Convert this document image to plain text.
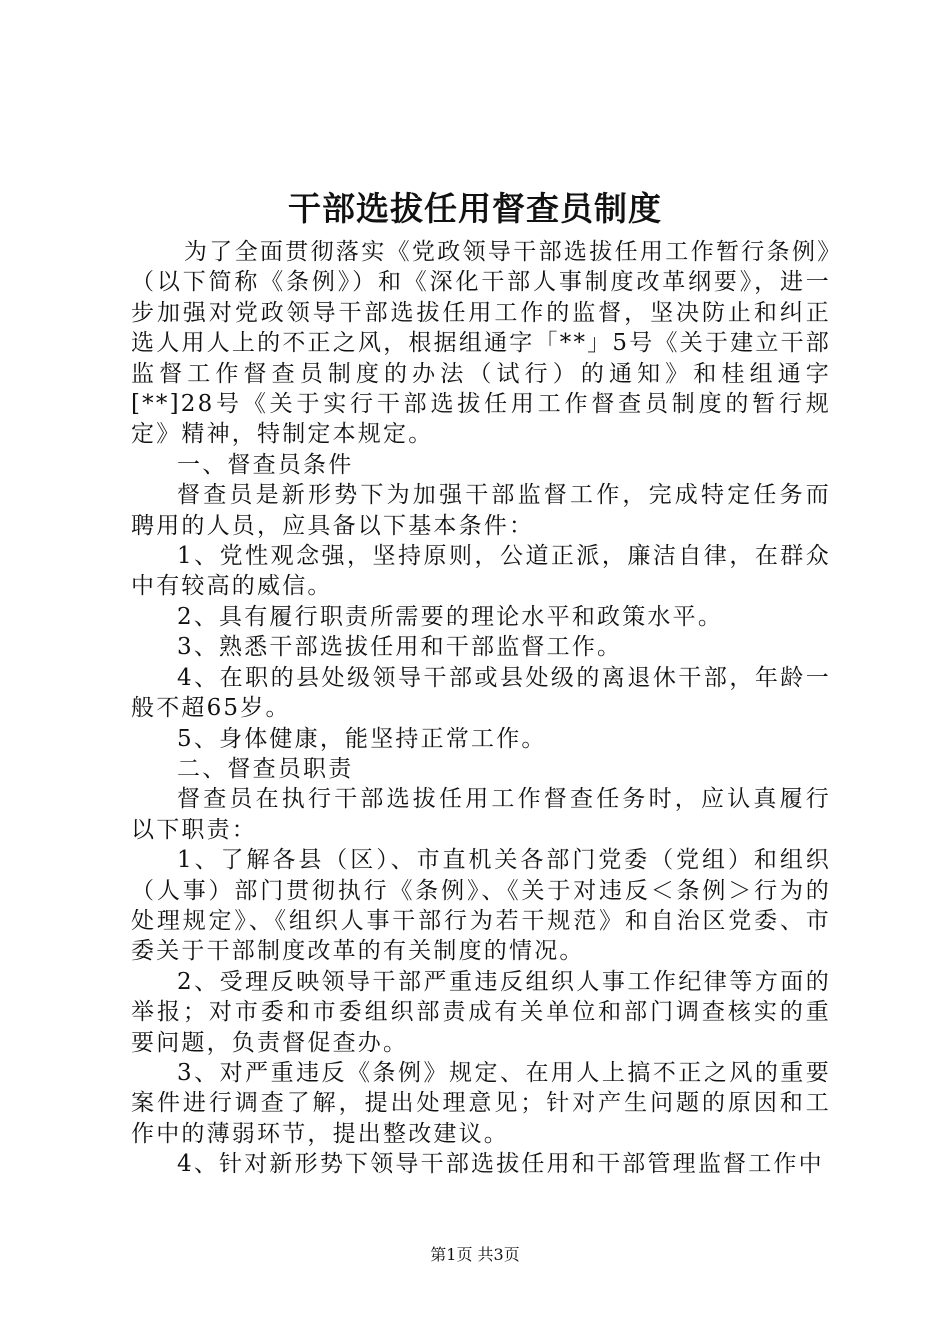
干部选拔任用督查员制度

为了全面贯彻落实《党政领导干部选拔任用工作暂行条例》（以下简称《条例》）和《深化干部人事制度改革纲要》，进一步加强对党政领导干部选拔任用工作的监督，坚决防止和纠正选人用人上的不正之风，根据组通字「**」5号《关于建立干部监督工作督查员制度的办法（试行）的通知》和桂组通字[**]28号《关于实行干部选拔任用工作督查员制度的暂行规定》精神，特制定本规定。

一、督查员条件

督查员是新形势下为加强干部监督工作，完成特定任务而聘用的人员，应具备以下基本条件：

1、党性观念强，坚持原则，公道正派，廉洁自律，在群众中有较高的威信。

2、具有履行职责所需要的理论水平和政策水平。

3、熟悉干部选拔任用和干部监督工作。

4、在职的县处级领导干部或县处级的离退休干部，年龄一般不超65岁。

5、身体健康，能坚持正常工作。

二、督查员职责

督查员在执行干部选拔任用工作督查任务时，应认真履行以下职责：

1、了解各县（区）、市直机关各部门党委（党组）和组织（人事）部门贯彻执行《条例》、《关于对违反＜条例＞行为的处理规定》、《组织人事干部行为若干规范》和自治区党委、市委关于干部制度改革的有关制度的情况。

2、受理反映领导干部严重违反组织人事工作纪律等方面的举报；对市委和市委组织部责成有关单位和部门调查核实的重要问题，负责督促查办。

3、对严重违反《条例》规定、在用人上搞不正之风的重要案件进行调查了解，提出处理意见；针对产生问题的原因和工作中的薄弱环节，提出整改建议。

4、针对新形势下领导干部选拔任用和干部管理监督工作中

第1页 共3页
